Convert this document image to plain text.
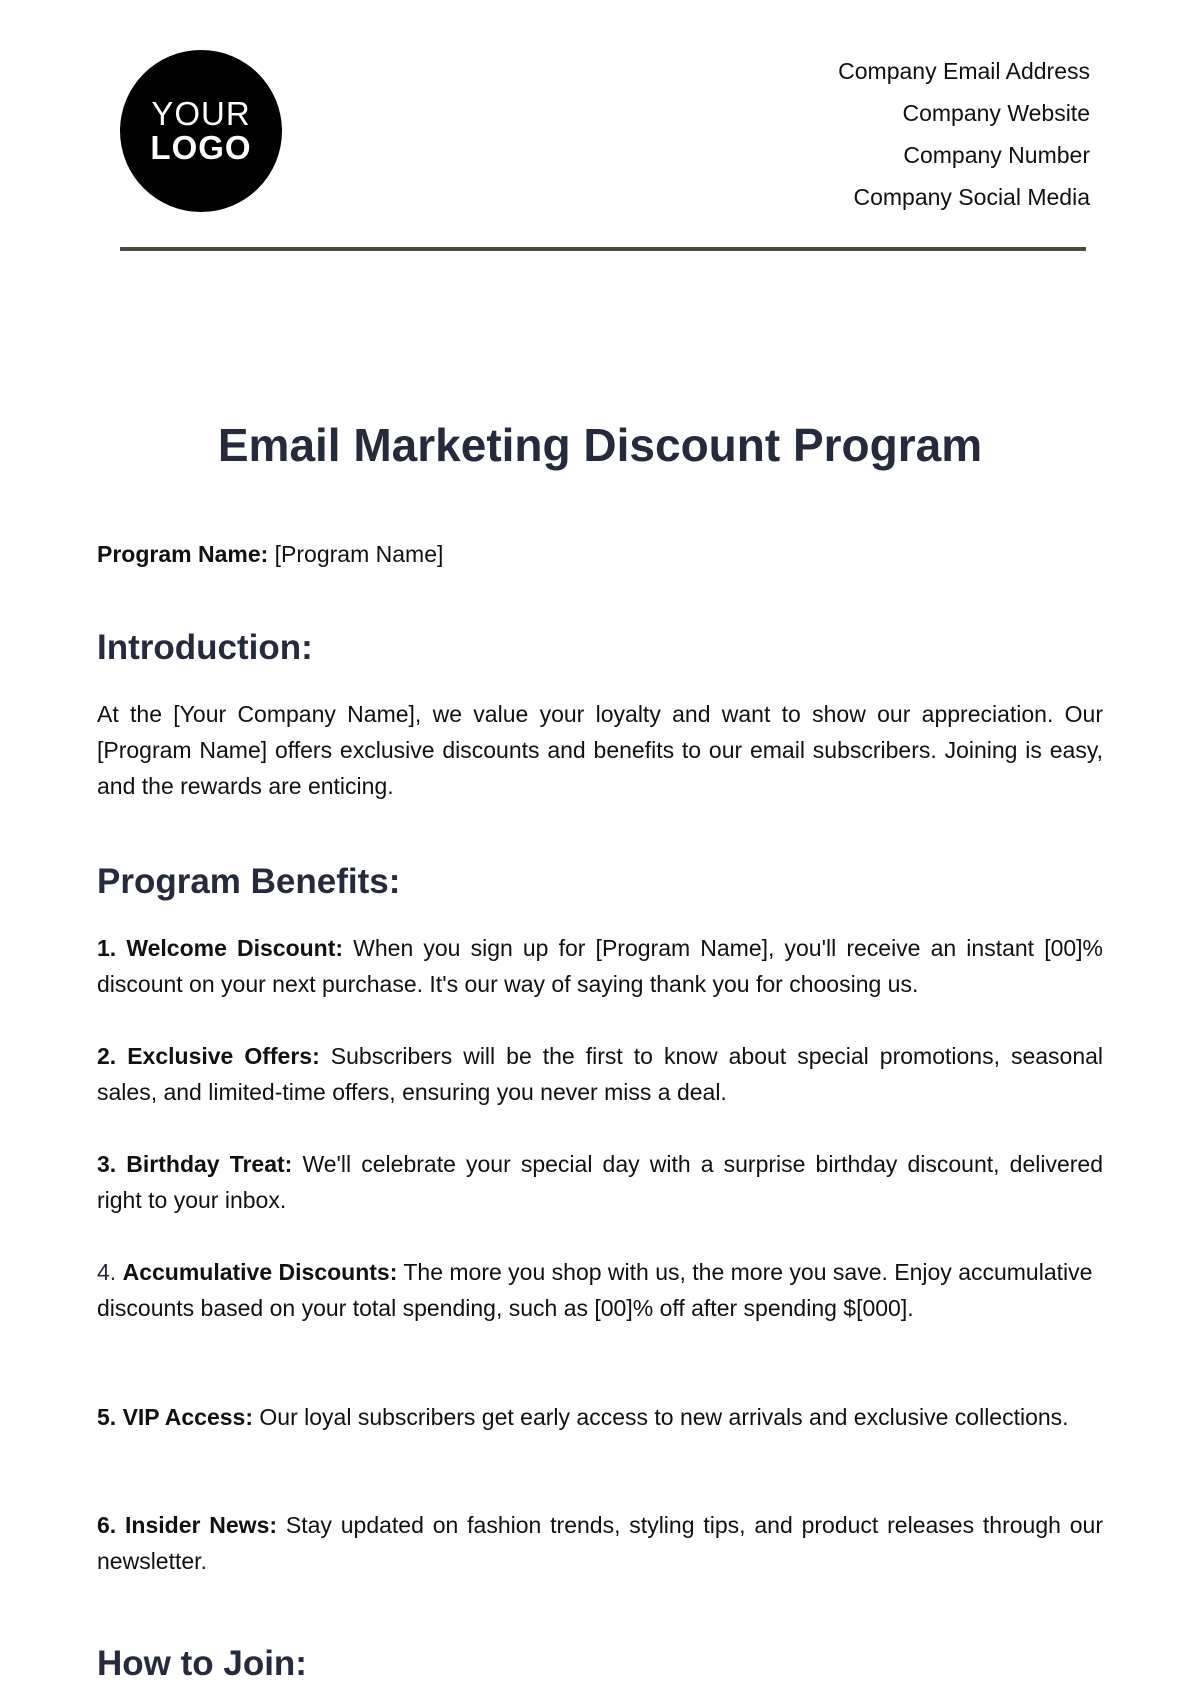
YOUR
LOGO
Company Email Address
Company Website
Company Number
Company Social Media
Email Marketing Discount Program
Program Name: [Program Name]
Introduction:
At the [Your Company Name], we value your loyalty and want to show our appreciation. Our [Program Name] offers exclusive discounts and benefits to our email subscribers. Joining is easy, and the rewards are enticing.
Program Benefits:
1. Welcome Discount: When you sign up for [Program Name], you'll receive an instant [00]% discount on your next purchase. It's our way of saying thank you for choosing us.
2. Exclusive Offers: Subscribers will be the first to know about special promotions, seasonal sales, and limited-time offers, ensuring you never miss a deal.
3. Birthday Treat: We'll celebrate your special day with a surprise birthday discount, delivered right to your inbox.
4. Accumulative Discounts: The more you shop with us, the more you save. Enjoy accumulative discounts based on your total spending, such as [00]% off after spending $[000].
5. VIP Access: Our loyal subscribers get early access to new arrivals and exclusive collections.
6. Insider News: Stay updated on fashion trends, styling tips, and product releases through our newsletter.
How to Join:
